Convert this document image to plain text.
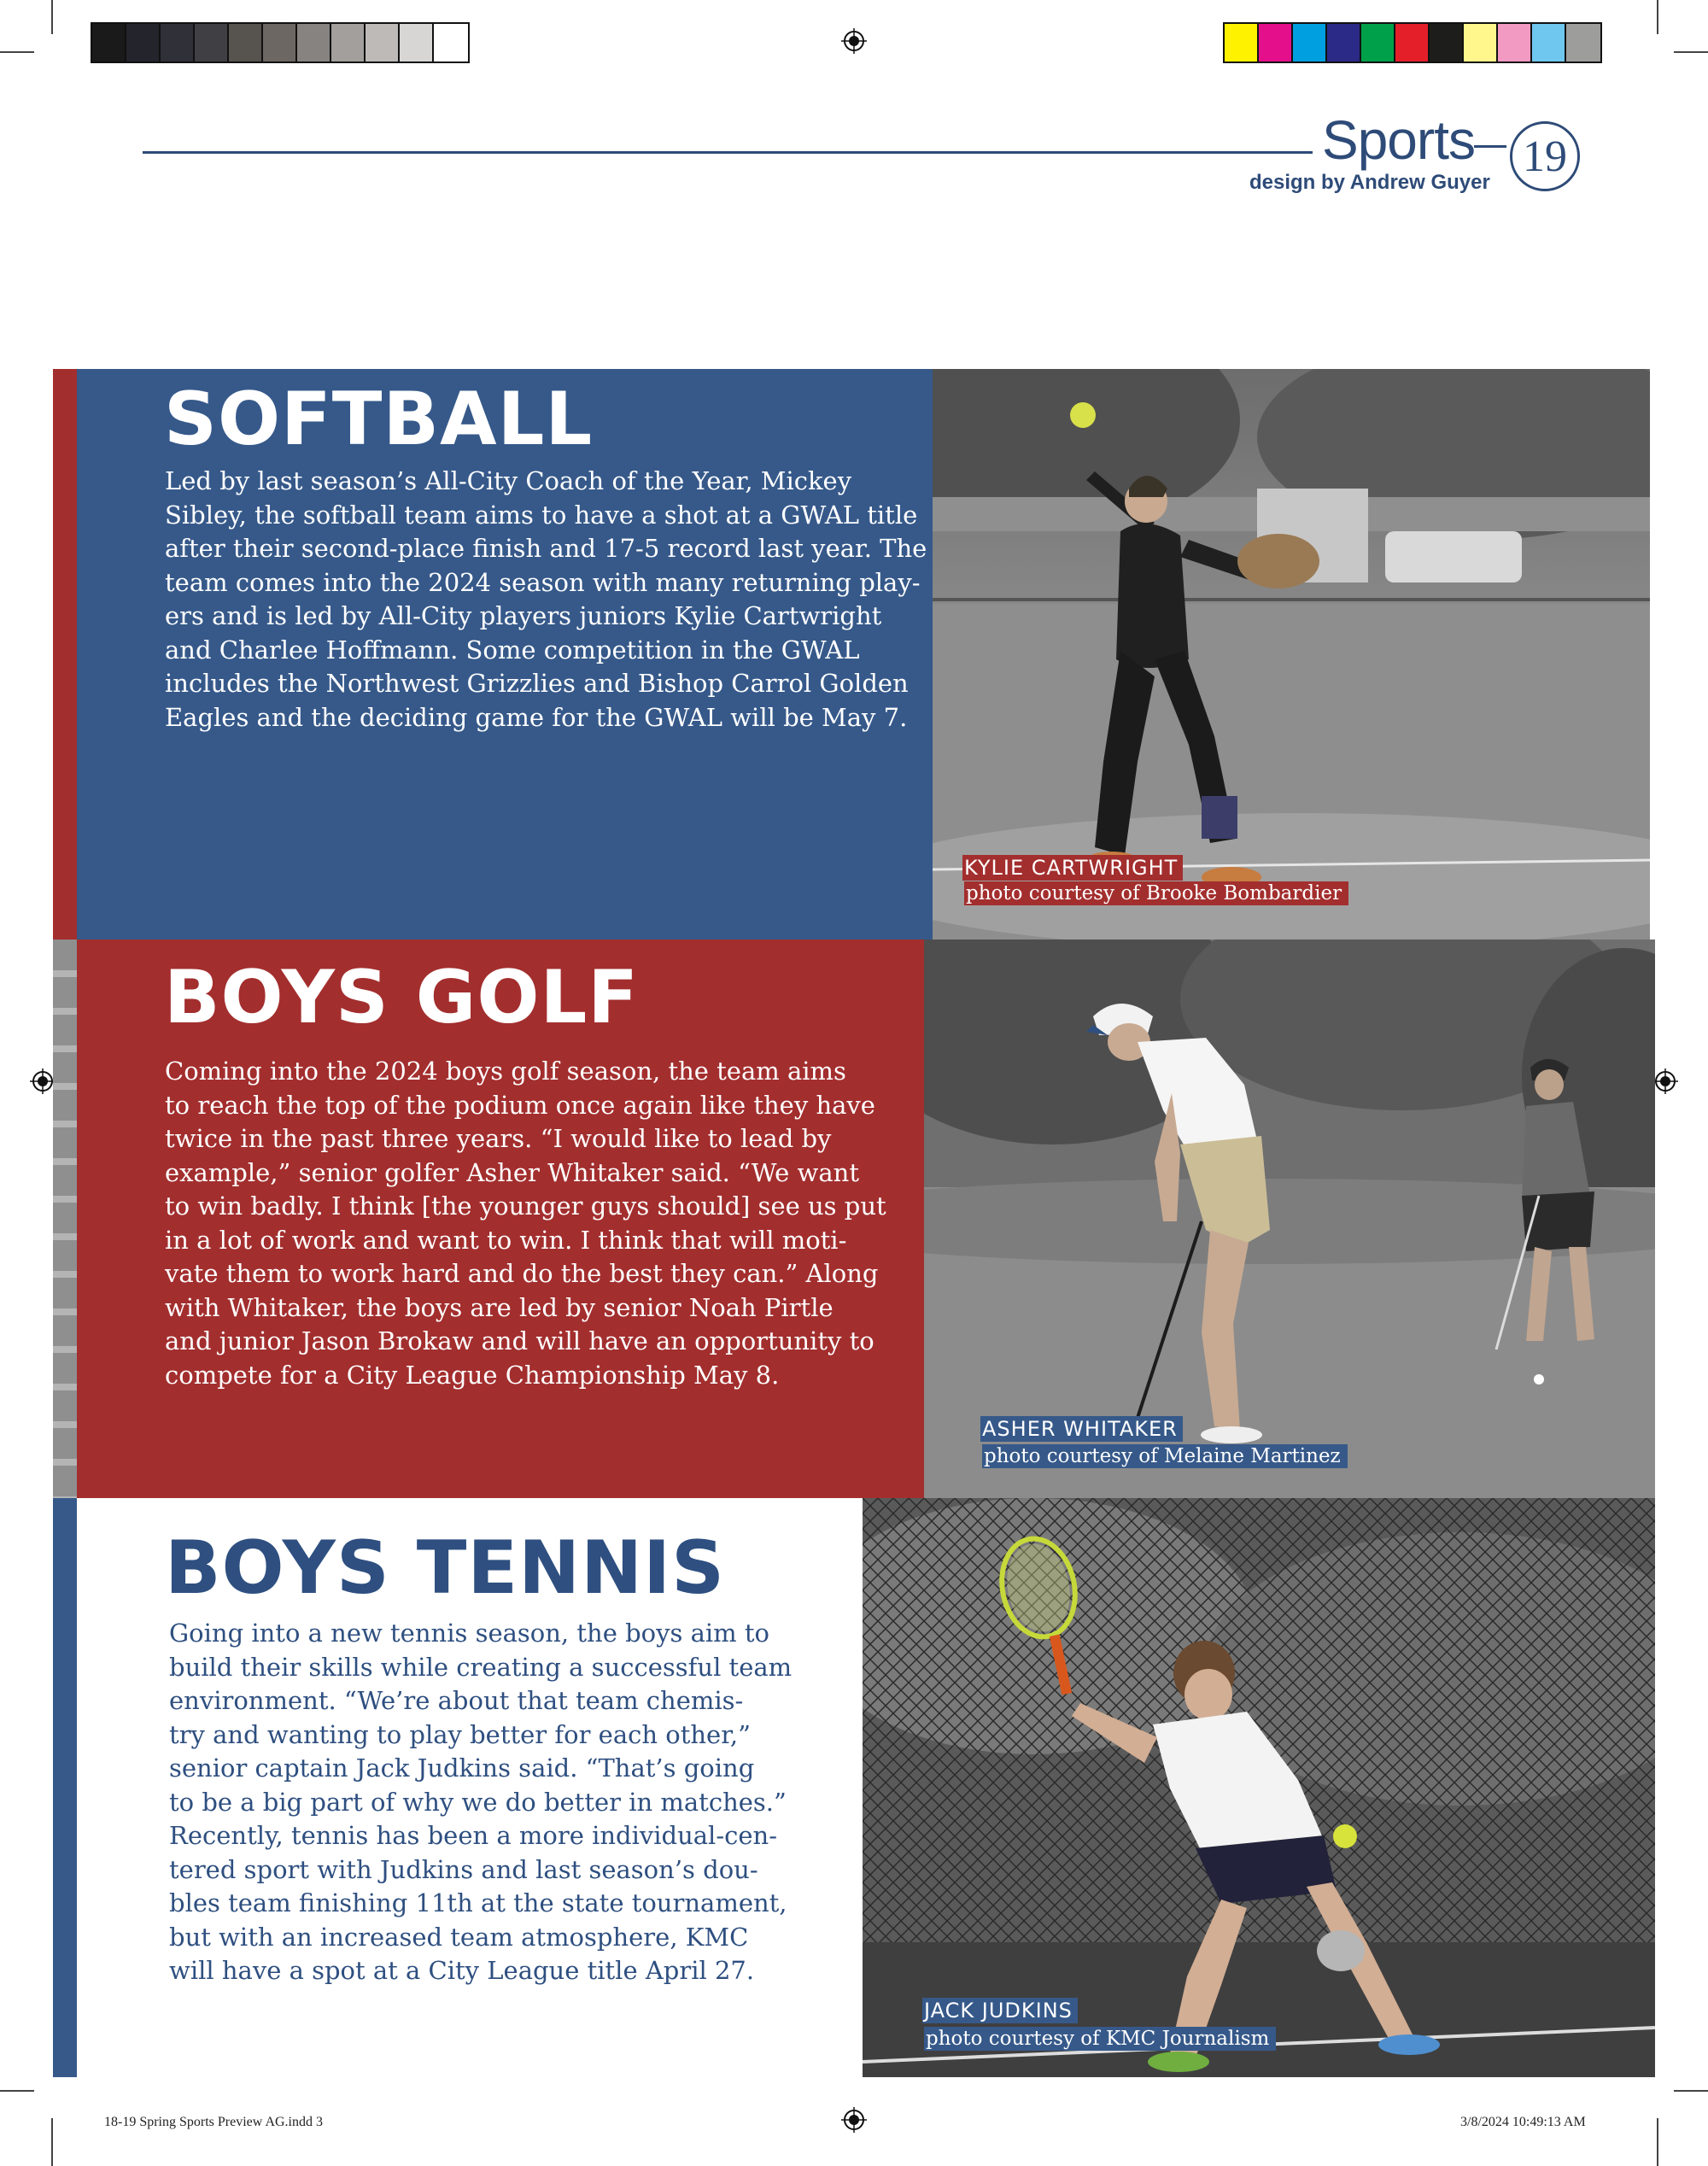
Sports
design by Andrew Guyer
19
SOFTBALL
Led by last season’s All-City Coach of the Year, Mickey
Sibley, the softball team aims to have a shot at a GWAL title
after their second-place finish and 17-5 record last year. The
team comes into the 2024 season with many returning play-
ers and is led by All-City players juniors Kylie Cartwright
and Charlee Hoffmann. Some competition in the GWAL
includes the Northwest Grizzlies and Bishop Carrol Golden
Eagles and the deciding game for the GWAL will be May 7.
KYLIE CARTWRIGHT
photo courtesy of Brooke Bombardier
BOYS GOLF
Coming into the 2024 boys golf season, the team aims
to reach the top of the podium once again like they have
twice in the past three years. “I would like to lead by
example,” senior golfer Asher Whitaker said. “We want
to win badly. I think [the younger guys should] see us put
in a lot of work and want to win. I think that will moti-
vate them to work hard and do the best they can.” Along
with Whitaker, the boys are led by senior Noah Pirtle
and junior Jason Brokaw and will have an opportunity to
compete for a City League Championship May 8.
ASHER WHITAKER
photo courtesy of Melaine Martinez
BOYS TENNIS
Going into a new tennis season, the boys aim to
build their skills while creating a successful team
environment. “We’re about that team chemis-
try and wanting to play better for each other,”
senior captain Jack Judkins said. “That’s going
to be a big part of why we do better in matches.”
Recently, tennis has been a more individual-cen-
tered sport with Judkins and last season’s dou-
bles team finishing 11th at the state tournament,
but with an increased team atmosphere, KMC
will have a spot at a City League title April 27.
JACK JUDKINS
photo courtesy of KMC Journalism
18-19 Spring Sports Preview AG.indd 3	3/8/2024 10:49:13 AM
